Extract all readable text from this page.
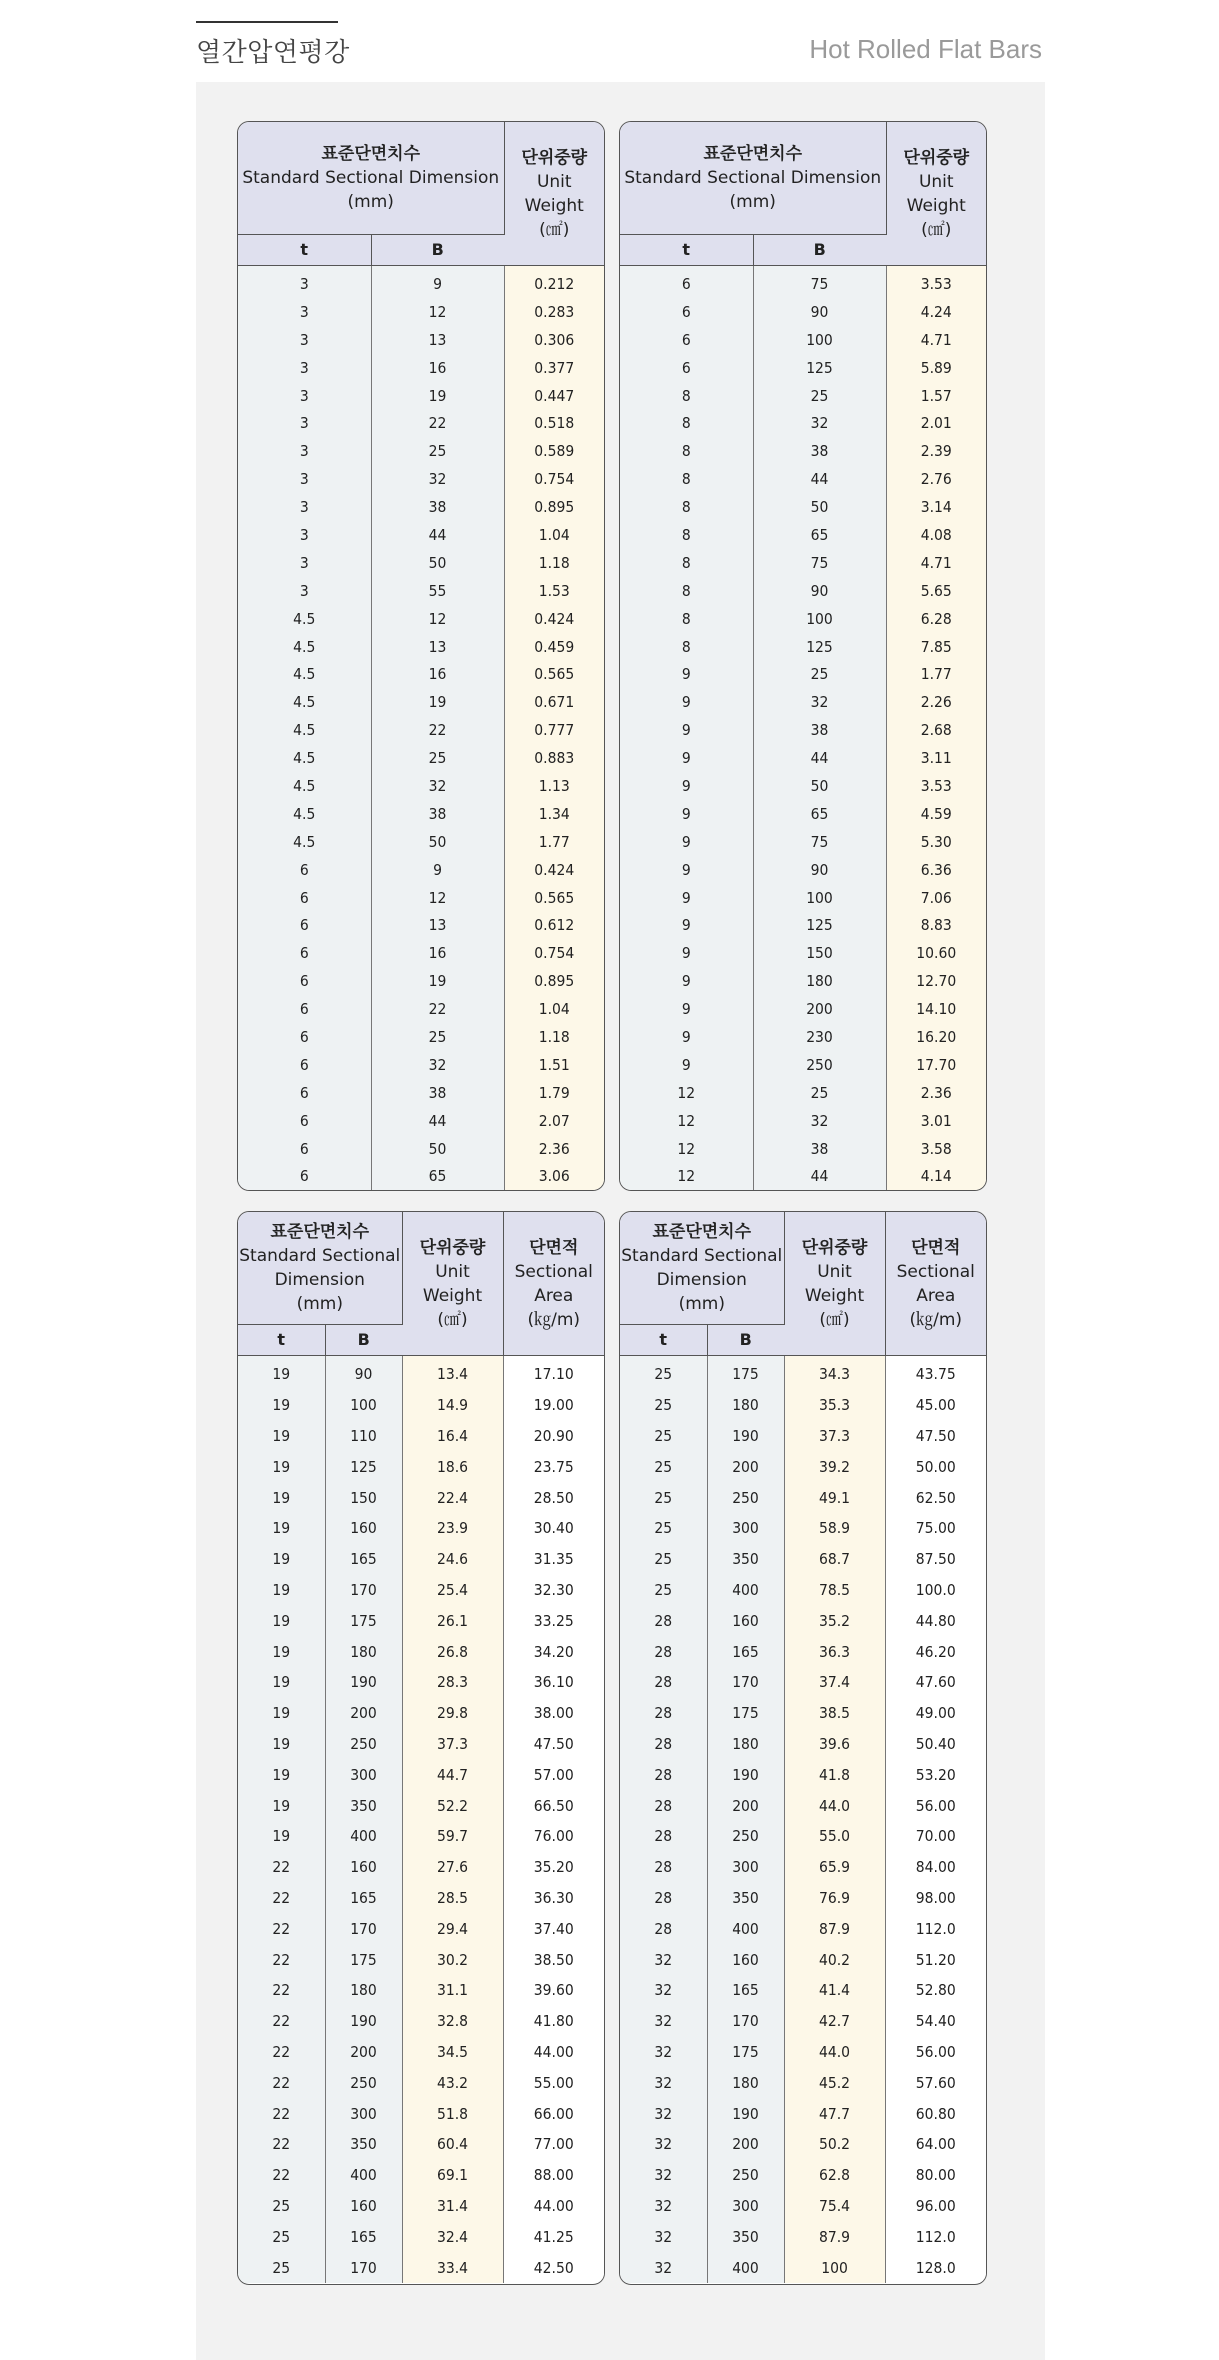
열간압연평강	Hot Rolled Flat Bars
표준단면치수
Standard Sectional Dimension
(mm)		단위중량
Unit
Weight
(㎠)

t	B	
3	9	0.212
3	12	0.283
3	13	0.306
3	16	0.377
3	19	0.447
3	22	0.518
3	25	0.589
3	32	0.754
3	38	0.895
3	44	1.04
3	50	1.18
3	55	1.53
4.5	12	0.424
4.5	13	0.459
4.5	16	0.565
4.5	19	0.671
4.5	22	0.777
4.5	25	0.883
4.5	32	1.13
4.5	38	1.34
4.5	50	1.77
6	9	0.424
6	12	0.565
6	13	0.612
6	16	0.754
6	19	0.895
6	22	1.04
6	25	1.18
6	32	1.51
6	38	1.79
6	44	2.07
6	50	2.36
6	65	3.06
표준단면치수
Standard Sectional Dimension
(mm)		단위중량
Unit
Weight
(㎠)

t	B	
6	75	3.53
6	90	4.24
6	100	4.71
6	125	5.89
8	25	1.57
8	32	2.01
8	38	2.39
8	44	2.76
8	50	3.14
8	65	4.08
8	75	4.71
8	90	5.65
8	100	6.28
8	125	7.85
9	25	1.77
9	32	2.26
9	38	2.68
9	44	3.11
9	50	3.53
9	65	4.59
9	75	5.30
9	90	6.36
9	100	7.06
9	125	8.83
9	150	10.60
9	180	12.70
9	200	14.10
9	230	16.20
9	250	17.70
12	25	2.36
12	32	3.01
12	38	3.58
12	44	4.14
표준단면치수
Standard Sectional
Dimension
(mm)		단위중량
Unit
Weight
(㎠)	단면적
Sectional
Area
(㎏/m)

t	B		
19	90	13.4	17.10
19	100	14.9	19.00
19	110	16.4	20.90
19	125	18.6	23.75
19	150	22.4	28.50
19	160	23.9	30.40
19	165	24.6	31.35
19	170	25.4	32.30
19	175	26.1	33.25
19	180	26.8	34.20
19	190	28.3	36.10
19	200	29.8	38.00
19	250	37.3	47.50
19	300	44.7	57.00
19	350	52.2	66.50
19	400	59.7	76.00
22	160	27.6	35.20
22	165	28.5	36.30
22	170	29.4	37.40
22	175	30.2	38.50
22	180	31.1	39.60
22	190	32.8	41.80
22	200	34.5	44.00
22	250	43.2	55.00
22	300	51.8	66.00
22	350	60.4	77.00
22	400	69.1	88.00
25	160	31.4	44.00
25	165	32.4	41.25
25	170	33.4	42.50
표준단면치수
Standard Sectional
Dimension
(mm)		단위중량
Unit
Weight
(㎠)	단면적
Sectional
Area
(㎏/m)

t	B		
25	175	34.3	43.75
25	180	35.3	45.00
25	190	37.3	47.50
25	200	39.2	50.00
25	250	49.1	62.50
25	300	58.9	75.00
25	350	68.7	87.50
25	400	78.5	100.0
28	160	35.2	44.80
28	165	36.3	46.20
28	170	37.4	47.60
28	175	38.5	49.00
28	180	39.6	50.40
28	190	41.8	53.20
28	200	44.0	56.00
28	250	55.0	70.00
28	300	65.9	84.00
28	350	76.9	98.00
28	400	87.9	112.0
32	160	40.2	51.20
32	165	41.4	52.80
32	170	42.7	54.40
32	175	44.0	56.00
32	180	45.2	57.60
32	190	47.7	60.80
32	200	50.2	64.00
32	250	62.8	80.00
32	300	75.4	96.00
32	350	87.9	112.0
32	400	100	128.0
